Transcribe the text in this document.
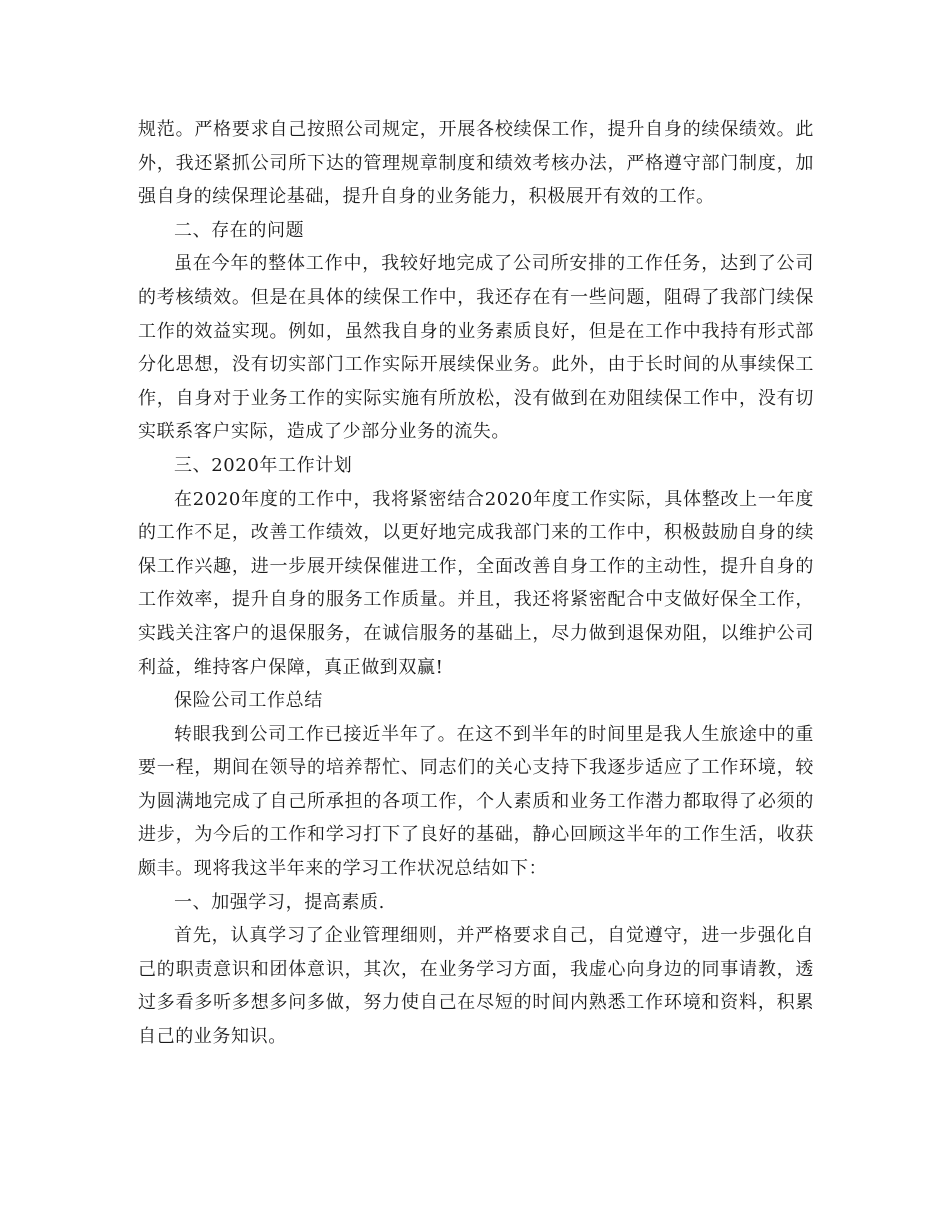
规范。严格要求自己按照公司规定，开展各校续保工作，提升自身的续保绩效。此外，我还紧抓公司所下达的管理规章制度和绩效考核办法，严格遵守部门制度，加强自身的续保理论基础，提升自身的业务能力，积极展开有效的工作。

二、存在的问题

虽在今年的整体工作中，我较好地完成了公司所安排的工作任务，达到了公司的考核绩效。但是在具体的续保工作中，我还存在有一些问题，阻碍了我部门续保工作的效益实现。例如，虽然我自身的业务素质良好，但是在工作中我持有形式部分化思想，没有切实部门工作实际开展续保业务。此外，由于长时间的从事续保工作，自身对于业务工作的实际实施有所放松，没有做到在劝阻续保工作中，没有切实联系客户实际，造成了少部分业务的流失。

三、2020年工作计划

在2020年度的工作中，我将紧密结合2020年度工作实际，具体整改上一年度的工作不足，改善工作绩效，以更好地完成我部门来的工作中，积极鼓励自身的续保工作兴趣，进一步展开续保催进工作，全面改善自身工作的主动性，提升自身的工作效率，提升自身的服务工作质量。并且，我还将紧密配合中支做好保全工作，实践关注客户的退保服务，在诚信服务的基础上，尽力做到退保劝阻，以维护公司利益，维持客户保障，真正做到双赢!

保险公司工作总结

转眼我到公司工作已接近半年了。在这不到半年的时间里是我人生旅途中的重要一程，期间在领导的培养帮忙、同志们的关心支持下我逐步适应了工作环境，较为圆满地完成了自己所承担的各项工作，个人素质和业务工作潜力都取得了必须的进步，为今后的工作和学习打下了良好的基础，静心回顾这半年的工作生活，收获颇丰。现将我这半年来的学习工作状况总结如下：

一、加强学习，提高素质.

首先，认真学习了企业管理细则，并严格要求自己，自觉遵守，进一步强化自己的职责意识和团体意识，其次，在业务学习方面，我虚心向身边的同事请教，透过多看多听多想多问多做，努力使自己在尽短的时间内熟悉工作环境和资料，积累自己的业务知识。
